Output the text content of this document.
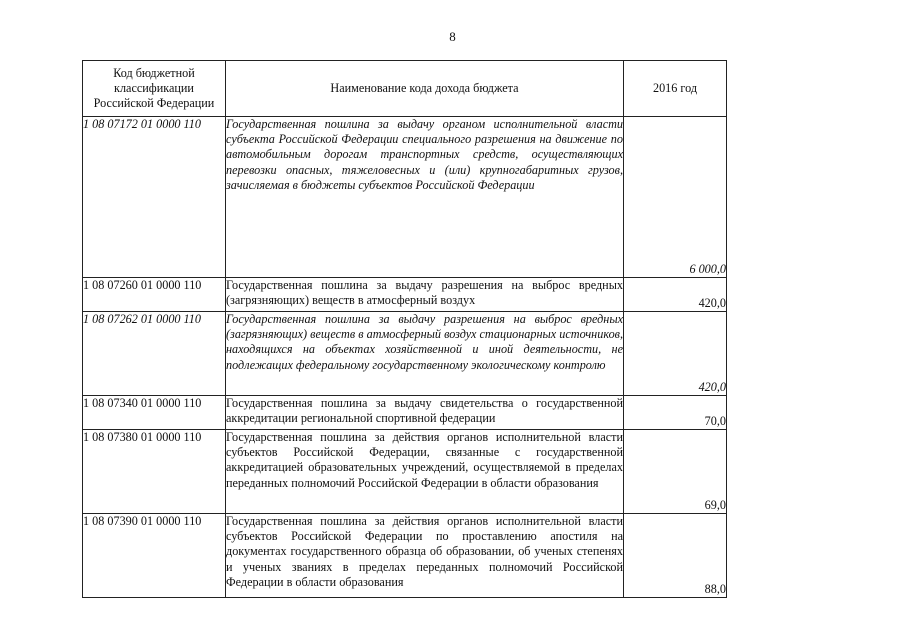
8
Код бюджетной классификации Российской Федерации	Наименование кода дохода бюджета	2016 год
1 08 07172 01 0000 110	Государственная пошлина за выдачу органом исполнительной власти субъекта Российской Федерации специального разрешения на движение по автомобильным дорогам транспортных средств, осуществляющих перевозки опасных, тяжеловесных и (или) крупногабаритных грузов, зачисляемая в бюджеты субъектов Российской Федерации	6 000,0
1 08 07260 01 0000 110	Государственная пошлина за выдачу разрешения на выброс вредных (загрязняющих) веществ в атмосферный воздух	420,0
1 08 07262 01 0000 110	Государственная пошлина за выдачу разрешения на выброс вредных (загрязняющих) веществ в атмосферный воздух стационарных источников, находящихся на объектах хозяйственной и иной деятельности, не подлежащих федеральному государственному экологическому контролю	420,0
1 08 07340 01 0000 110	Государственная пошлина за выдачу свидетельства о государственной аккредитации региональной спортивной федерации	70,0
1 08 07380 01 0000 110	Государственная пошлина за действия органов исполнительной власти субъектов Российской Федерации, связанные с государственной аккредитацией образовательных учреждений, осуществляемой в пределах переданных полномочий Российской Федерации в области образования	69,0
1 08 07390 01 0000 110	Государственная пошлина за действия органов исполнительной власти субъектов Российской Федерации по проставлению апостиля на документах государственного образца об образовании, об ученых степенях и ученых званиях в пределах переданных полномочий Российской Федерации в области образования	88,0
